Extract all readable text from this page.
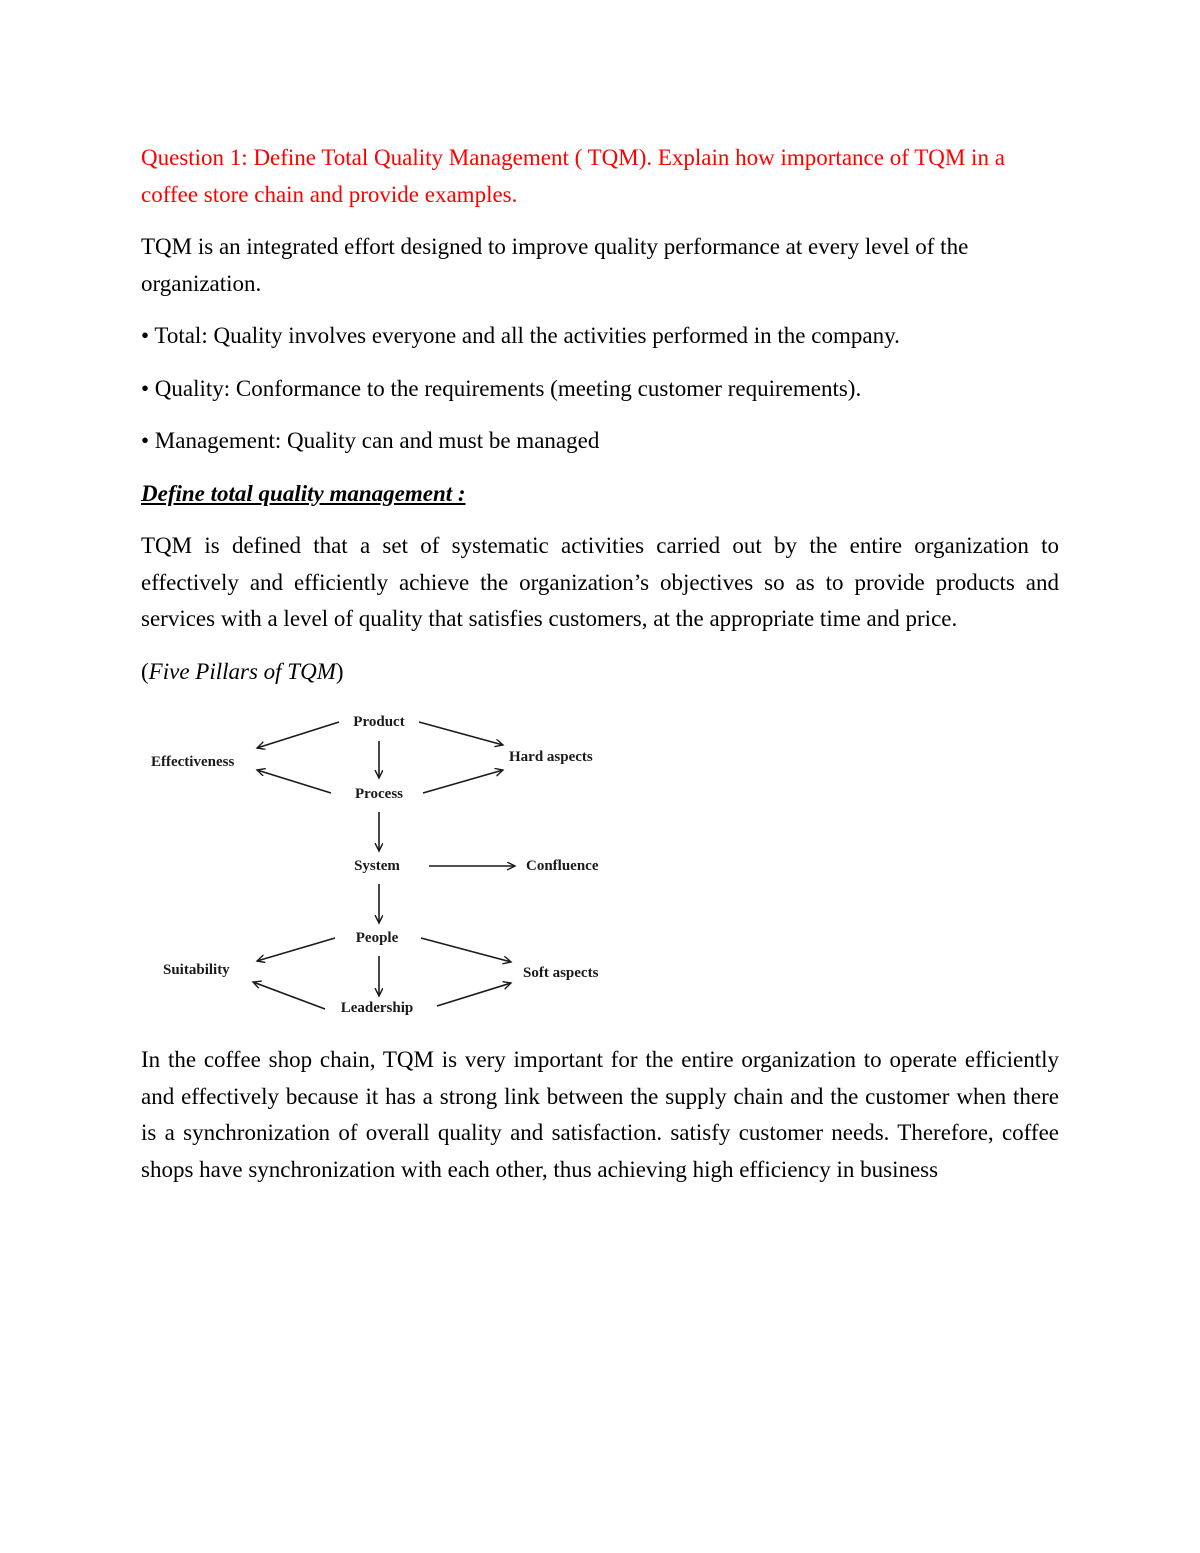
Question 1: Define Total Quality Management ( TQM). Explain how importance of TQM in a coffee store chain and provide examples.

TQM is an integrated effort designed to improve quality performance at every level of the organization.

• Total: Quality involves everyone and all the activities performed in the company.

• Quality: Conformance to the requirements (meeting customer requirements).

• Management: Quality can and must be managed

Define total quality management :

TQM is defined that a set of systematic activities carried out by the entire organization to effectively and efficiently achieve the organization’s objectives so as to provide products and services with a level of quality that satisfies customers, at the appropriate time and price.

(Five Pillars of TQM)

Product
Process
System
People
Leadership
Effectiveness	Hard aspects
Confluence
Suitability	Soft aspects

In the coffee shop chain, TQM is very important for the entire organization to operate efficiently and effectively because it has a strong link between the supply chain and the customer when there is a synchronization of overall quality and satisfaction. satisfy customer needs. Therefore, coffee shops have synchronization with each other, thus achieving high efficiency in business
